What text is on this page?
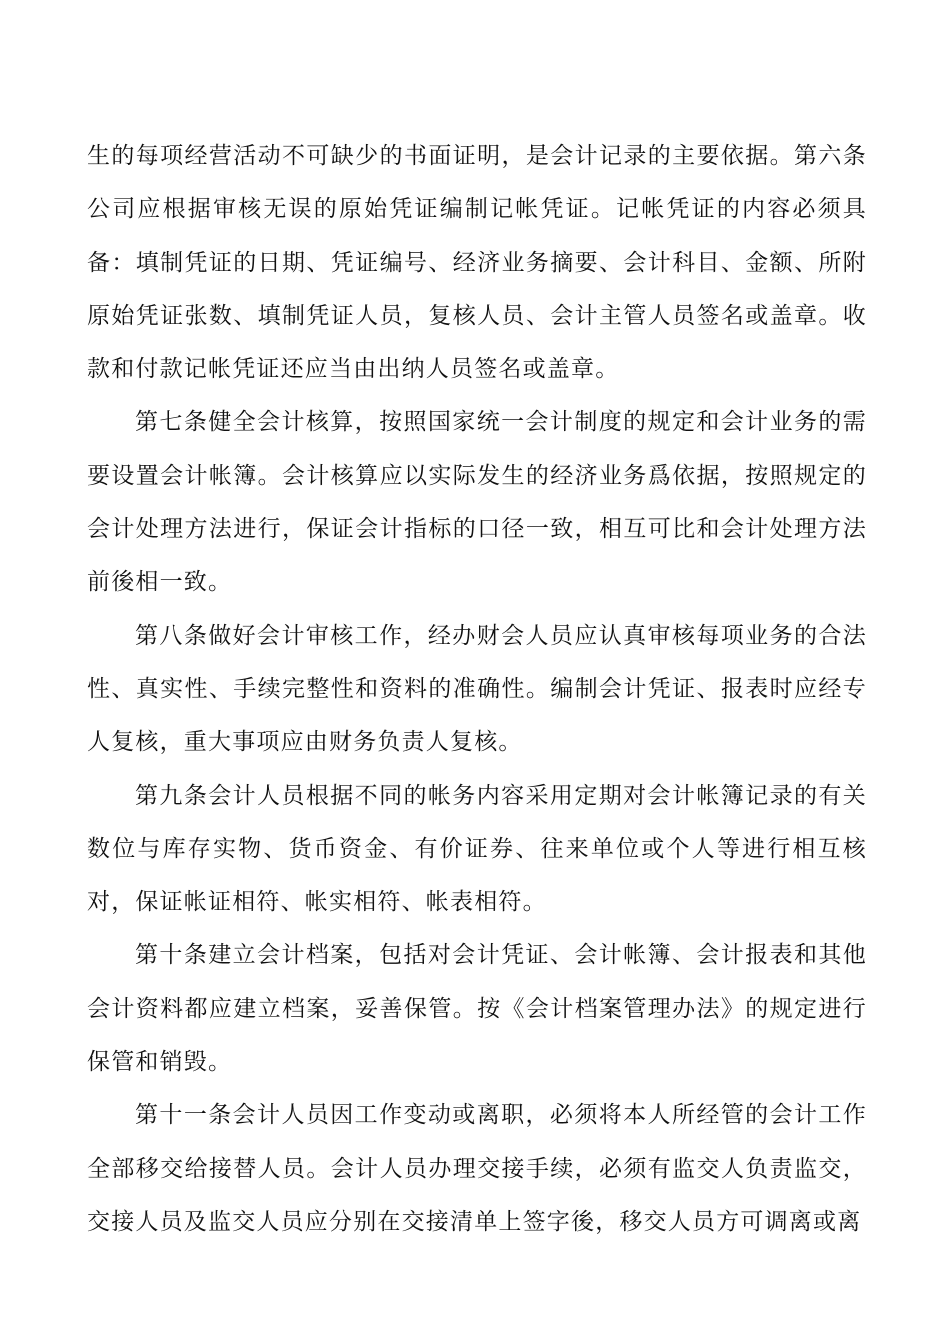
生的每项经营活动不可缺少的书面证明，是会计记录的主要依据。第六条公司应根据审核无误的原始凭证编制记帐凭证。记帐凭证的内容必须具备：填制凭证的日期、凭证编号、经济业务摘要、会计科目、金额、所附原始凭证张数、填制凭证人员，复核人员、会计主管人员签名或盖章。收款和付款记帐凭证还应当由出纳人员签名或盖章。

第七条健全会计核算，按照国家统一会计制度的规定和会计业务的需要设置会计帐簿。会计核算应以实际发生的经济业务爲依据，按照规定的会计处理方法进行，保证会计指标的口径一致，相互可比和会计处理方法前後相一致。

第八条做好会计审核工作，经办财会人员应认真审核每项业务的合法性、真实性、手续完整性和资料的准确性。编制会计凭证、报表时应经专人复核，重大事项应由财务负责人复核。

第九条会计人员根据不同的帐务内容采用定期对会计帐簿记录的有关数位与库存实物、货币资金、有价证券、往来单位或个人等进行相互核对，保证帐证相符、帐实相符、帐表相符。

第十条建立会计档案，包括对会计凭证、会计帐簿、会计报表和其他会计资料都应建立档案，妥善保管。按《会计档案管理办法》的规定进行保管和销毁。

第十一条会计人员因工作变动或离职，必须将本人所经管的会计工作全部移交给接替人员。会计人员办理交接手续，必须有监交人负责监交，交接人员及监交人员应分别在交接清单上签字後，移交人员方可调离或离
